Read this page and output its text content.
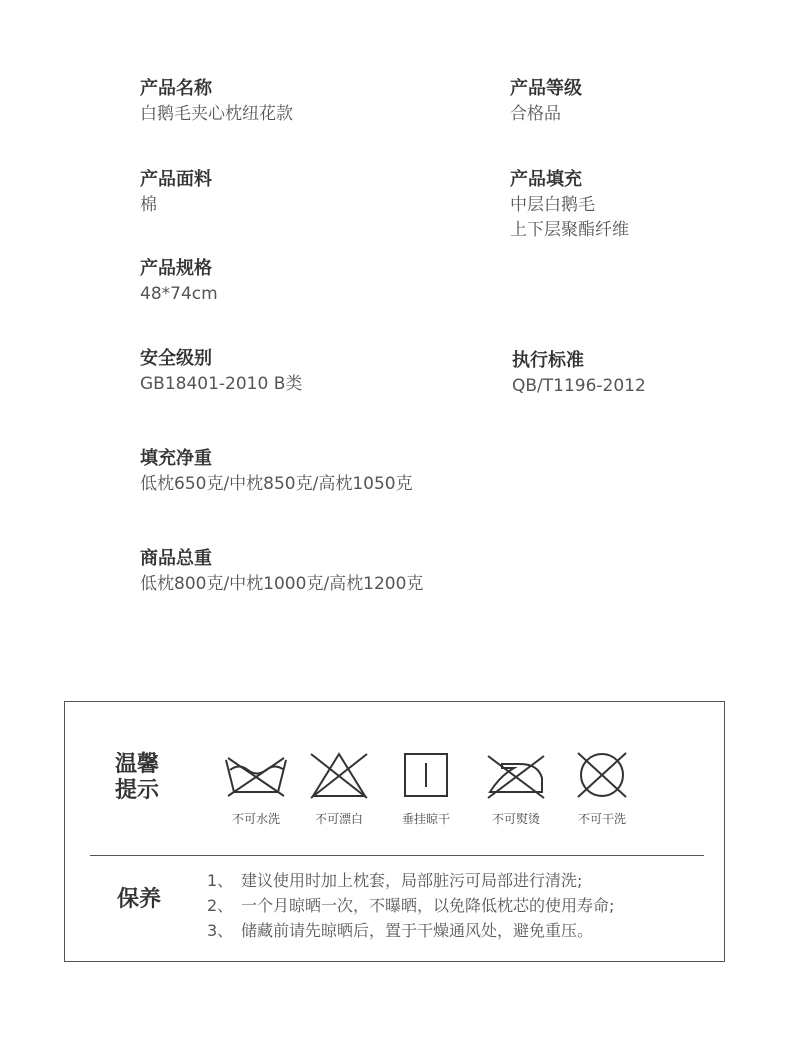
产品名称
白鹅毛夹心枕纽花款
产品等级
合格品
产品面料
棉
产品填充
中层白鹅毛
上下层聚酯纤维
产品规格
48*74cm
安全级别
GB18401-2010 B类
执行标准
QB/T1196-2012
填充净重
低枕650克/中枕850克/高枕1050克
商品总重
低枕800克/中枕1000克/高枕1200克
温馨
提示
不可水洗	不可漂白	垂挂晾干	不可熨烫	不可干洗
保养
1、 建议使用时加上枕套，局部脏污可局部进行清洗;
2、 一个月晾晒一次，不曝晒，以免降低枕芯的使用寿命;
3、 储藏前请先晾晒后，置于干燥通风处，避免重压。
